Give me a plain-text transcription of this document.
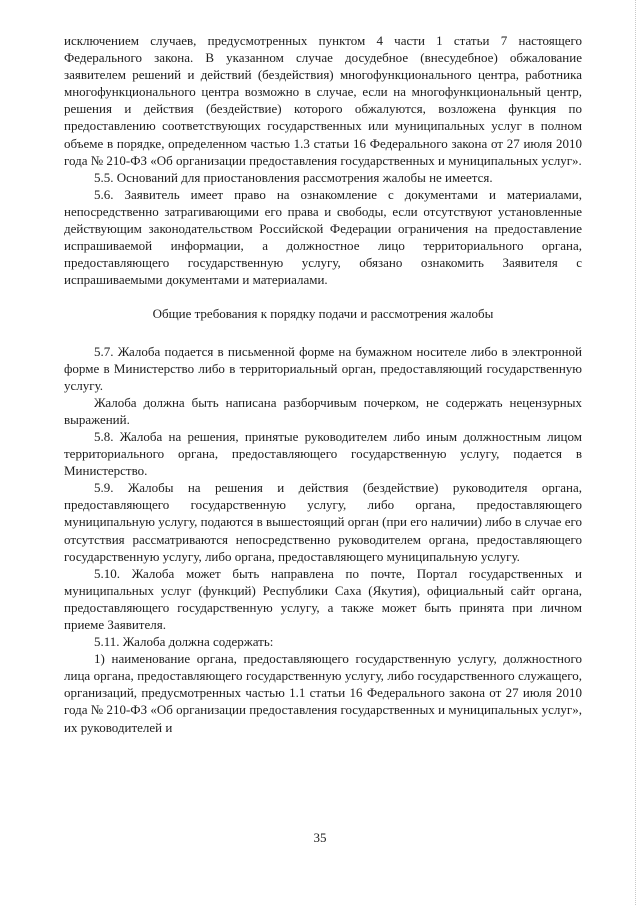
исключением случаев, предусмотренных пунктом 4 части 1 статьи 7 настоящего Федерального закона. В указанном случае досудебное (внесудебное) обжалование заявителем решений и действий (бездействия) многофункционального центра, работника многофункционального центра возможно в случае, если на многофункциональный центр, решения и действия (бездействие) которого обжалуются, возложена функция по предоставлению соответствующих государственных или муниципальных услуг в полном объеме в порядке, определенном частью 1.3 статьи 16 Федерального закона от 27 июля 2010 года № 210-ФЗ «Об организации предоставления государственных и муниципальных услуг».

5.5. Оснований для приостановления рассмотрения жалобы не имеется.

5.6. Заявитель имеет право на ознакомление с документами и материалами, непосредственно затрагивающими его права и свободы, если отсутствуют установленные действующим законодательством Российской Федерации ограничения на предоставление испрашиваемой информации, а должностное лицо территориального органа, предоставляющего государственную услугу, обязано ознакомить Заявителя с испрашиваемыми документами и материалами.

Общие требования к порядку подачи и рассмотрения жалобы

5.7. Жалоба подается в письменной форме на бумажном носителе либо в электронной форме в Министерство либо в территориальный орган, предоставляющий государственную услугу.

Жалоба должна быть написана разборчивым почерком, не содержать нецензурных выражений.

5.8. Жалоба на решения, принятые руководителем либо иным должностным лицом территориального органа, предоставляющего государственную услугу, подается в Министерство.

5.9. Жалобы на решения и действия (бездействие) руководителя органа, предоставляющего государственную услугу, либо органа, предоставляющего муниципальную услугу, подаются в вышестоящий орган (при его наличии) либо в случае его отсутствия рассматриваются непосредственно руководителем органа, предоставляющего государственную услугу, либо органа, предоставляющего муниципальную услугу.

5.10. Жалоба может быть направлена по почте, Портал государственных и муниципальных услуг (функций) Республики Саха (Якутия), официальный сайт органа, предоставляющего государственную услугу, а также может быть принята при личном приеме Заявителя.

5.11. Жалоба должна содержать:

1) наименование органа, предоставляющего государственную услугу, должностного лица органа, предоставляющего государственную услугу, либо государственного служащего, организаций, предусмотренных частью 1.1 статьи 16 Федерального закона от 27 июля 2010 года № 210-ФЗ «Об организации предоставления государственных и муниципальных услуг», их руководителей и

35
